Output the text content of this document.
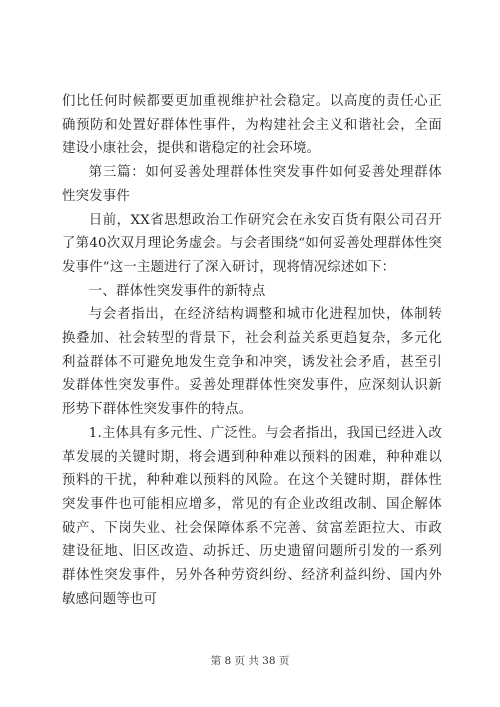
们比任何时候都要更加重视维护社会稳定。以高度的责任心正确预防和处置好群体性事件，为构建社会主义和谐社会，全面建设小康社会，提供和谐稳定的社会环境。

第三篇：如何妥善处理群体性突发事件如何妥善处理群体性突发事件

日前，XX省思想政治工作研究会在永安百货有限公司召开了第40次双月理论务虚会。与会者围绕“如何妥善处理群体性突发事件”这一主题进行了深入研讨，现将情况综述如下：

一、群体性突发事件的新特点

与会者指出，在经济结构调整和城市化进程加快，体制转换叠加、社会转型的背景下，社会利益关系更趋复杂，多元化利益群体不可避免地发生竞争和冲突，诱发社会矛盾，甚至引发群体性突发事件。妥善处理群体性突发事件，应深刻认识新形势下群体性突发事件的特点。

1.主体具有多元性、广泛性。与会者指出，我国已经进入改革发展的关键时期，将会遇到种种难以预料的困难，种种难以预料的干扰，种种难以预料的风险。在这个关键时期，群体性突发事件也可能相应增多，常见的有企业改组改制、国企解体破产、下岗失业、社会保障体系不完善、贫富差距拉大、市政建设征地、旧区改造、动拆迁、历史遗留问题所引发的一系列群体性突发事件，另外各种劳资纠纷、经济利益纠纷、国内外敏感问题等也可

第 8 页 共 38 页
